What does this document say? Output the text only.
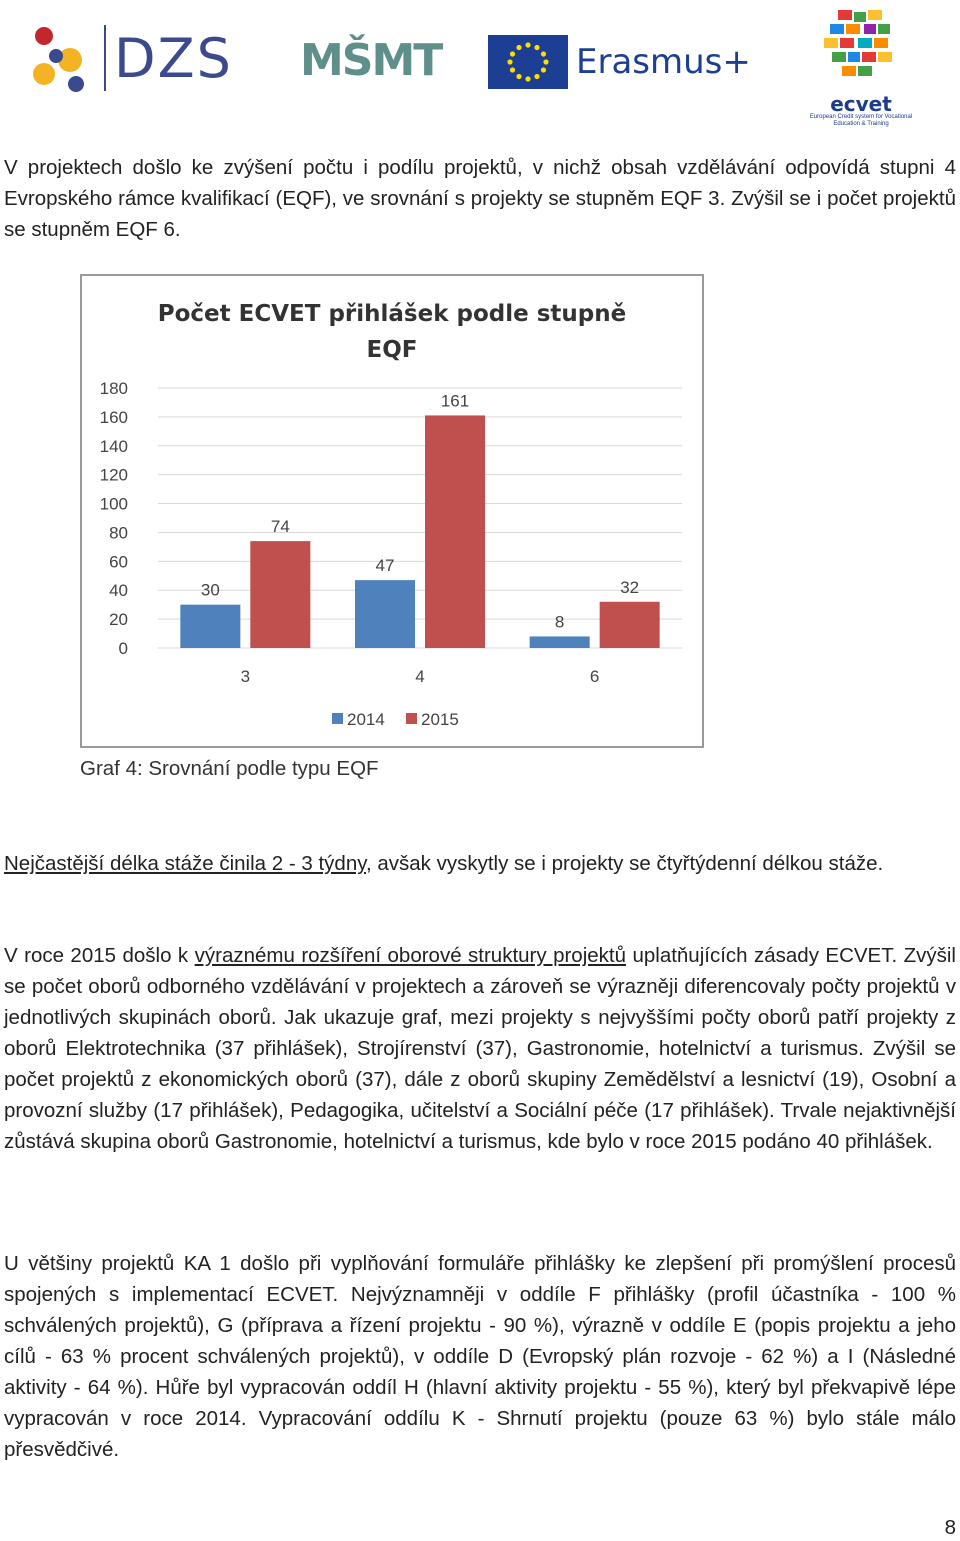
DZS MŠMT	Erasmus+
ecvet
European Credit system for Vocational Education & Training

V projektech došlo ke zvýšení počtu i podílu projektů, v nichž obsah vzdělávání odpovídá stupni 4 Evropského rámce kvalifikací (EQF), ve srovnání s projekty se stupněm EQF 3. Zvýšil se i počet projektů se stupněm EQF 6.

Počet ECVET přihlášek podle stupně
EQF
0
20
40
60
80
100
120
140
160
180
30
74
3
47
161
4
8
32
6
2014 2015
Graf 4: Srovnání podle typu EQF

Nejčastější délka stáže činila 2 - 3 týdny, avšak vyskytly se i projekty se čtyřtýdenní délkou stáže.

V roce 2015 došlo k výraznému rozšíření oborové struktury projektů uplatňujících zásady ECVET. Zvýšil se počet oborů odborného vzdělávání v projektech a zároveň se výrazněji diferencovaly počty projektů v jednotlivých skupinách oborů. Jak ukazuje graf, mezi projekty s nejvyššími počty oborů patří projekty z oborů Elektrotechnika (37 přihlášek), Strojírenství (37), Gastronomie, hotelnictví a turismus. Zvýšil se počet projektů z ekonomických oborů (37), dále z oborů skupiny Zemědělství a lesnictví (19), Osobní a provozní služby (17 přihlášek), Pedagogika, učitelství a Sociální péče (17 přihlášek). Trvale nejaktivnější zůstává skupina oborů Gastronomie, hotelnictví a turismus, kde bylo v roce 2015 podáno 40 přihlášek.

U většiny projektů KA 1 došlo při vyplňování formuláře přihlášky ke zlepšení při promýšlení procesů spojených s implementací ECVET. Nejvýznamněji v oddíle F přihlášky (profil účastníka - 100 % schválených projektů), G (příprava a řízení projektu - 90 %), výrazně v oddíle E (popis projektu a jeho cílů - 63 % procent schválených projektů), v oddíle D (Evropský plán rozvoje - 62 %) a I (Následné aktivity - 64 %). Hůře byl vypracován oddíl H (hlavní aktivity projektu - 55 %), který byl překvapivě lépe vypracován v roce 2014. Vypracování oddílu K - Shrnutí projektu (pouze 63 %) bylo stále málo přesvědčivé.

8
